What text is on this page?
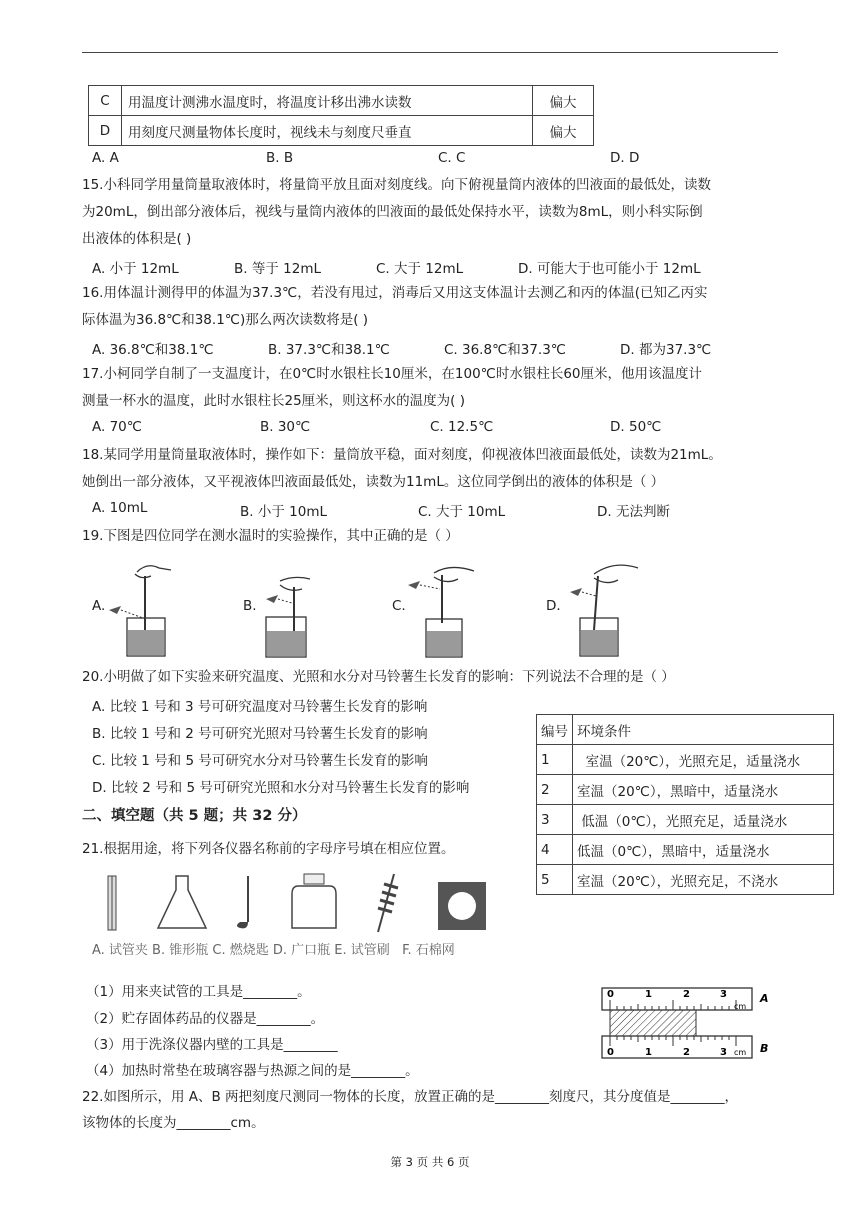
C	用温度计测沸水温度时，将温度计移出沸水读数	偏大
D	用刻度尺测量物体长度时，视线未与刻度尺垂直	偏大
A. A	B. B	C. C	D. D
15.小科同学用量筒量取液体时，将量筒平放且面对刻度线。向下俯视量筒内液体的凹液面的最低处，读数
为20mL，倒出部分液体后，视线与量筒内液体的凹液面的最低处保持水平，读数为8mL，则小科实际倒
出液体的体积是( )
A. 小于 12mL	B. 等于 12mL	C. 大于 12mL	D. 可能大于也可能小于 12mL
16.用体温计测得甲的体温为37.3℃，若没有甩过，消毒后又用这支体温计去测乙和丙的体温(已知乙丙实
际体温为36.8℃和38.1℃)那么两次读数将是( )
A. 36.8℃和38.1℃	B. 37.3℃和38.1℃	C. 36.8℃和37.3℃	D. 都为37.3℃
17.小柯同学自制了一支温度计，在0℃时水银柱长10厘米，在100℃时水银柱长60厘米，他用该温度计
测量一杯水的温度，此时水银柱长25厘米，则这杯水的温度为( )
A. 70℃	B. 30℃	C. 12.5℃	D. 50℃
18.某同学用量筒量取液体时，操作如下：量筒放平稳，面对刻度，仰视液体凹液面最低处，读数为21mL。
她倒出一部分液体，又平视液体凹液面最低处，读数为11mL。这位同学倒出的液体的体积是（ ）
A. 10mL	B. 小于 10mL	C. 大于 10mL	D. 无法判断
19.下图是四位同学在测水温时的实验操作，其中正确的是（ ）
A.	B.	C.	D.
20.小明做了如下实验来研究温度、光照和水分对马铃薯生长发育的影响：下列说法不合理的是（ ）
A. 比较 1 号和 3 号可研究温度对马铃薯生长发育的影响
B. 比较 1 号和 2 号可研究光照对马铃薯生长发育的影响
C. 比较 1 号和 5 号可研究水分对马铃薯生长发育的影响
D. 比较 2 号和 5 号可研究光照和水分对马铃薯生长发育的影响
编号	环境条件
1	室温（20℃），光照充足，适量浇水
2	室温（20℃），黑暗中，适量浇水
3	低温（0℃），光照充足，适量浇水
4	低温（0℃），黑暗中，适量浇水
5	室温（20℃），光照充足，不浇水
二、填空题（共 5 题；共 32 分）
21.根据用途，将下列各仪器名称前的字母序号填在相应位置。
A. 试管夹 B. 锥形瓶 C. 燃烧匙 D. 广口瓶 E. 试管刷   F. 石棉网
（1）用来夹试管的工具是________。
（2）贮存固体药品的仪器是________。
（3）用于洗涤仪器内壁的工具是________
（4）加热时常垫在玻璃容器与热源之间的是________。
0	1	2	3
cm
A
0	1	2	3 cm B
22.如图所示，用 A、B 两把刻度尺测同一物体的长度，放置正确的是________刻度尺，其分度值是________，
该物体的长度为________cm。
第 3 页 共 6 页
